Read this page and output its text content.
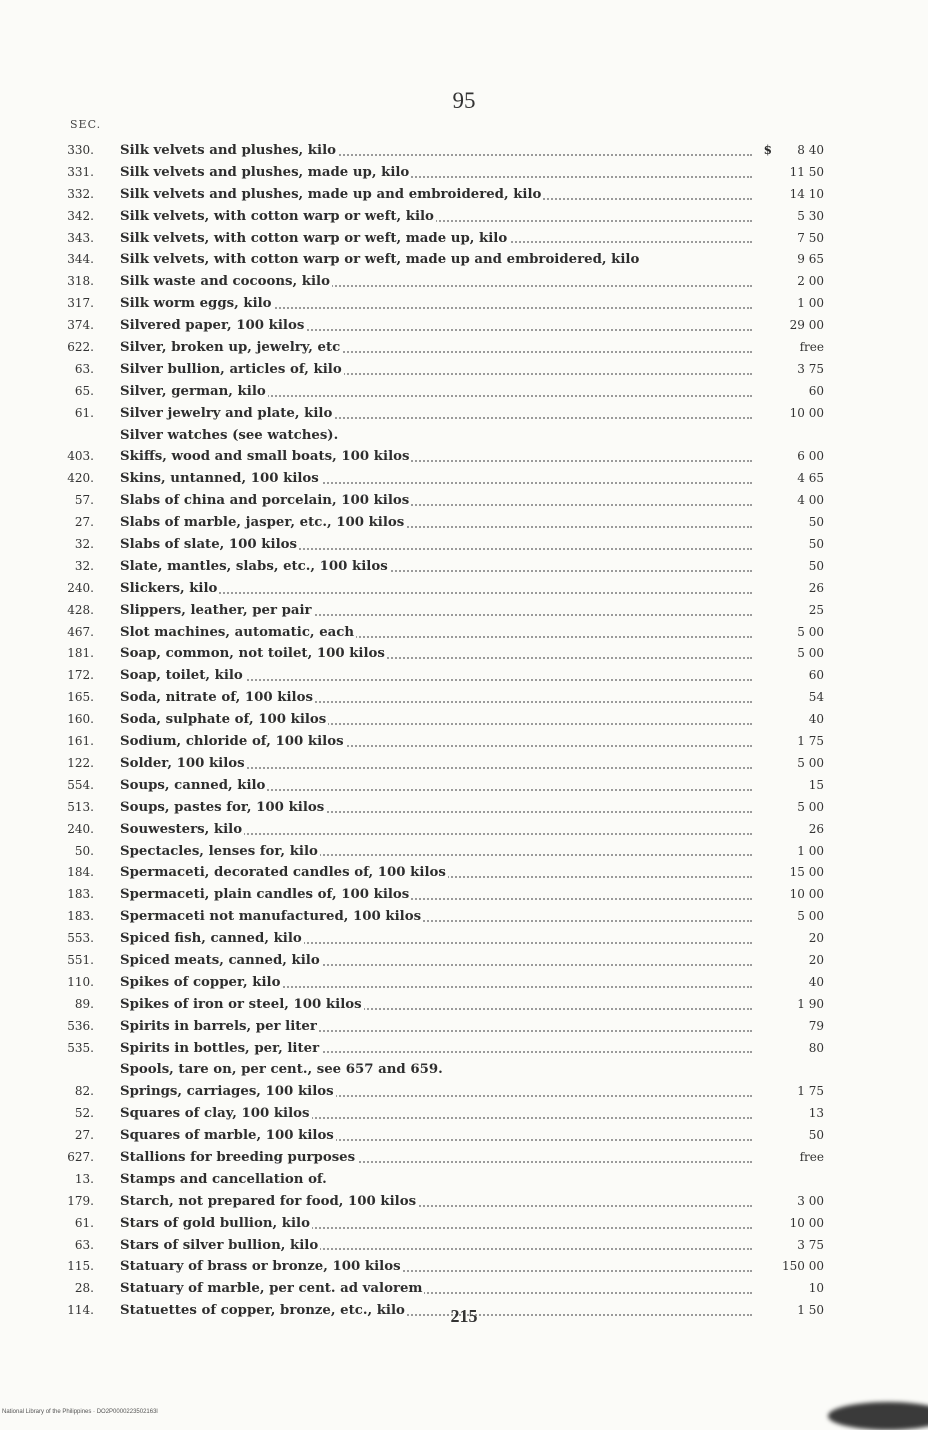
95
SEC.
330. Silk velvets and plushes, kilo	$	8 40
331. Silk velvets and plushes, made up, kilo	11 50
332. Silk velvets and plushes, made up and embroidered, kilo	14 10
342. Silk velvets, with cotton warp or weft, kilo	5 30
343. Silk velvets, with cotton warp or weft, made up, kilo	7 50
344. Silk velvets, with cotton warp or weft, made up and embroidered, kilo	9 65
318. Silk waste and cocoons, kilo	2 00
317. Silk worm eggs, kilo	1 00
374. Silvered paper, 100 kilos	29 00
622. Silver, broken up, jewelry, etc	free
63. Silver bullion, articles of, kilo	3 75
65. Silver, german, kilo	60
61. Silver jewelry and plate, kilo	10 00
Silver watches (see watches).
403. Skiffs, wood and small boats, 100 kilos	6 00
420. Skins, untanned, 100 kilos	4 65
57. Slabs of china and porcelain, 100 kilos	4 00
27. Slabs of marble, jasper, etc., 100 kilos	50
32. Slabs of slate, 100 kilos	50
32. Slate, mantles, slabs, etc., 100 kilos	50
240. Slickers, kilo	26
428. Slippers, leather, per pair	25
467. Slot machines, automatic, each	5 00
181. Soap, common, not toilet, 100 kilos	5 00
172. Soap, toilet, kilo	60
165. Soda, nitrate of, 100 kilos	54
160. Soda, sulphate of, 100 kilos	40
161. Sodium, chloride of, 100 kilos	1 75
122. Solder, 100 kilos	5 00
554. Soups, canned, kilo	15
513. Soups, pastes for, 100 kilos	5 00
240. Souwesters, kilo	26
50. Spectacles, lenses for, kilo	1 00
184. Spermaceti, decorated candles of, 100 kilos	15 00
183. Spermaceti, plain candles of, 100 kilos	10 00
183. Spermaceti not manufactured, 100 kilos	5 00
553. Spiced fish, canned, kilo	20
551. Spiced meats, canned, kilo	20
110. Spikes of copper, kilo	40
89. Spikes of iron or steel, 100 kilos	1 90
536. Spirits in barrels, per liter	79
535. Spirits in bottles, per, liter	80
Spools, tare on, per cent., see 657 and 659.
82. Springs, carriages, 100 kilos	1 75
52. Squares of clay, 100 kilos	13
27. Squares of marble, 100 kilos	50
627. Stallions for breeding purposes	free
13. Stamps and cancellation of.
179. Starch, not prepared for food, 100 kilos	3 00
61. Stars of gold bullion, kilo	10 00
63. Stars of silver bullion, kilo	3 75
115. Statuary of brass or bronze, 100 kilos	150 00
28. Statuary of marble, per cent. ad valorem	10
114. Statuettes of copper, bronze, etc., kilo	1 50
215
National Library of the Philippines · DO2P0000223502163l
